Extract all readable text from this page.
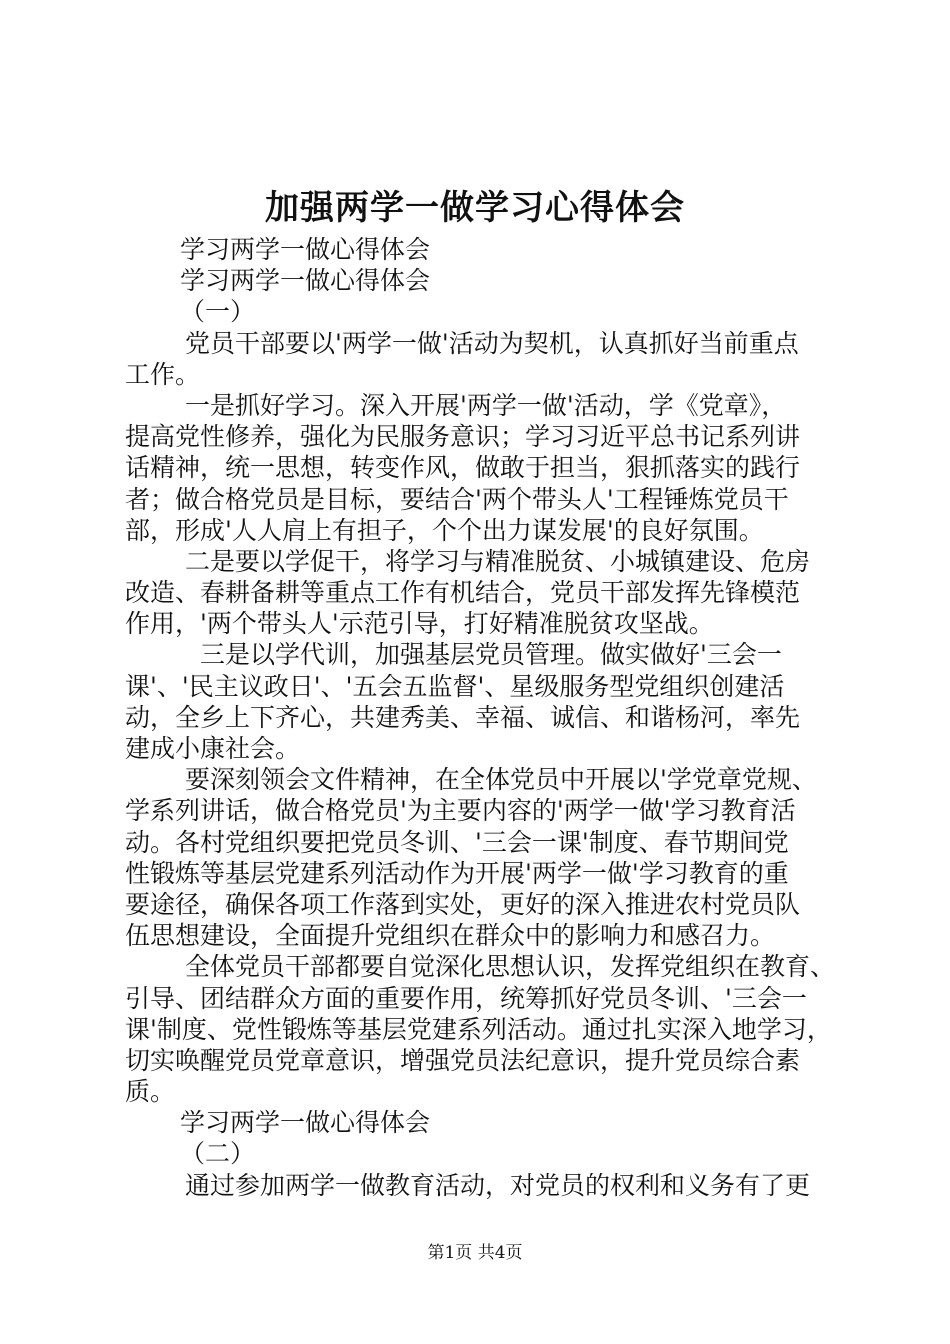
加强两学一做学习心得体会
学习两学一做心得体会
学习两学一做心得体会
（一）
党员干部要以'两学一做'活动为契机，认真抓好当前重点
工作。
一是抓好学习。深入开展'两学一做'活动，学《党章》，
提高党性修养，强化为民服务意识；学习习近平总书记系列讲
话精神，统一思想，转变作风，做敢于担当，狠抓落实的践行
者；做合格党员是目标，要结合'两个带头人'工程锤炼党员干
部，形成'人人肩上有担子，个个出力谋发展'的良好氛围。
二是要以学促干，将学习与精准脱贫、小城镇建设、危房
改造、春耕备耕等重点工作有机结合，党员干部发挥先锋模范
作用，'两个带头人'示范引导，打好精准脱贫攻坚战。
三是以学代训，加强基层党员管理。做实做好'三会一
课'、'民主议政日'、'五会五监督'、星级服务型党组织创建活
动，全乡上下齐心，共建秀美、幸福、诚信、和谐杨河，率先
建成小康社会。
要深刻领会文件精神，在全体党员中开展以'学党章党规、
学系列讲话，做合格党员'为主要内容的'两学一做'学习教育活
动。各村党组织要把党员冬训、'三会一课'制度、春节期间党
性锻炼等基层党建系列活动作为开展'两学一做'学习教育的重
要途径，确保各项工作落到实处，更好的深入推进农村党员队
伍思想建设，全面提升党组织在群众中的影响力和感召力。
全体党员干部都要自觉深化思想认识，发挥党组织在教育、
引导、团结群众方面的重要作用，统筹抓好党员冬训、'三会一
课'制度、党性锻炼等基层党建系列活动。通过扎实深入地学习，
切实唤醒党员党章意识，增强党员法纪意识，提升党员综合素
质。
学习两学一做心得体会
（二）
通过参加两学一做教育活动，对党员的权利和义务有了更
第1页 共4页
